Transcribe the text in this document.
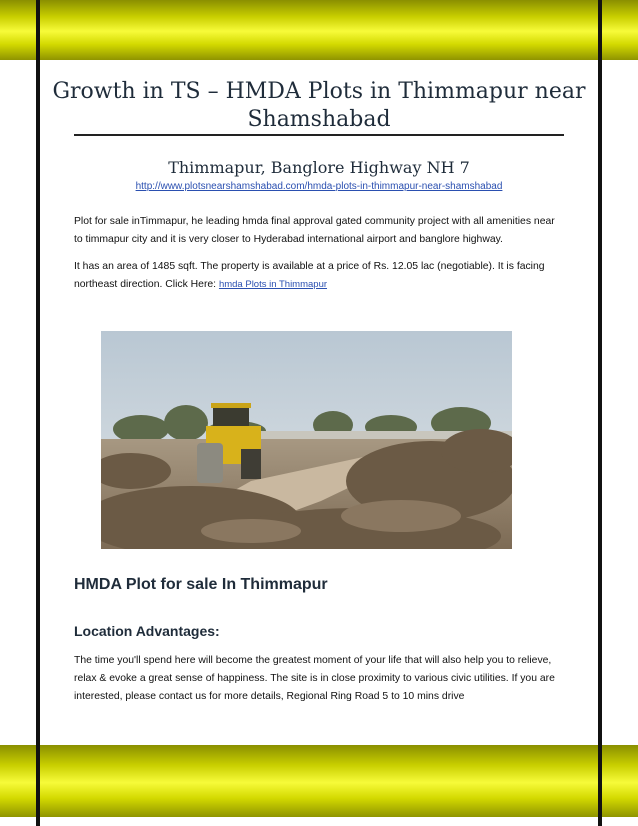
Growth in TS – HMDA Plots in Thimmapur near Shamshabad
Thimmapur, Banglore Highway NH 7
http://www.plotsnearshamshabad.com/hmda-plots-in-thimmapur-near-shamshabad

Plot for sale inTimmapur, he leading hmda final approval gated community project with all amenities near to timmapur city and it is very closer to Hyderabad international airport and banglore highway.

It has an area of 1485 sqft. The property is available at a price of Rs. 12.05 lac (negotiable). It is facing northeast direction. Click Here: hmda Plots in Thimmapur

HMDA Plot for sale In Thimmapur
Location Advantages:

The time you'll spend here will become the greatest moment of your life that will also help you to relieve, relax & evoke a great sense of happiness. The site is in close proximity to various civic utilities. If you are interested, please contact us for more details, Regional Ring Road 5 to 10 mins drive
